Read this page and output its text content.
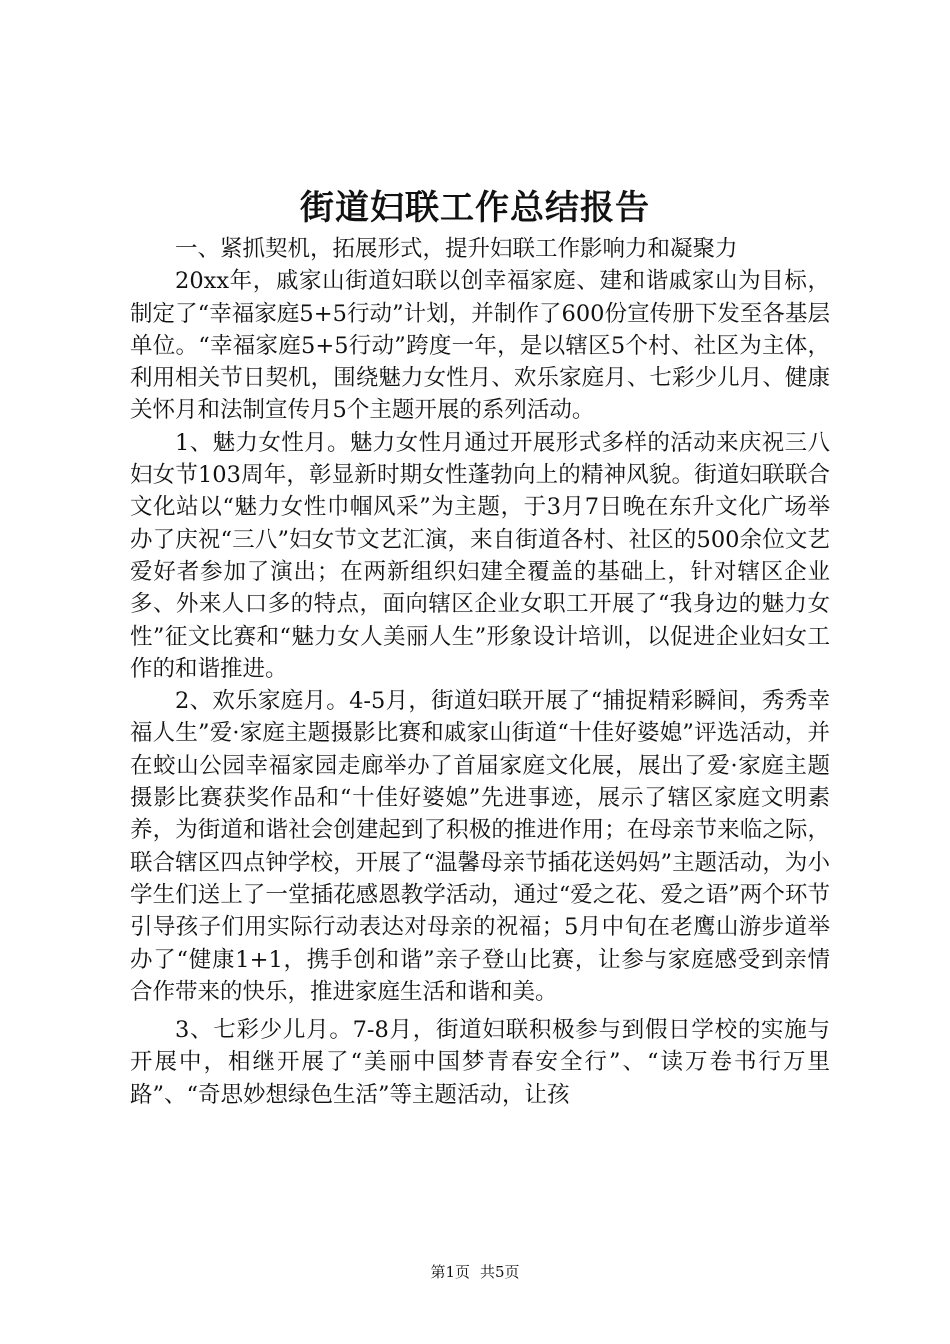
街道妇联工作总结报告

一、紧抓契机，拓展形式，提升妇联工作影响力和凝聚力

20xx年，戚家山街道妇联以创幸福家庭、建和谐戚家山为目标，制定了“幸福家庭5+5行动”计划，并制作了600份宣传册下发至各基层单位。“幸福家庭5+5行动”跨度一年，是以辖区5个村、社区为主体，利用相关节日契机，围绕魅力女性月、欢乐家庭月、七彩少儿月、健康关怀月和法制宣传月5个主题开展的系列活动。

1、魅力女性月。魅力女性月通过开展形式多样的活动来庆祝三八妇女节103周年，彰显新时期女性蓬勃向上的精神风貌。街道妇联联合文化站以“魅力女性巾帼风采”为主题，于3月7日晚在东升文化广场举办了庆祝“三八”妇女节文艺汇演，来自街道各村、社区的500余位文艺爱好者参加了演出；在两新组织妇建全覆盖的基础上，针对辖区企业多、外来人口多的特点，面向辖区企业女职工开展了“我身边的魅力女性”征文比赛和“魅力女人美丽人生”形象设计培训，以促进企业妇女工作的和谐推进。

2、欢乐家庭月。4-5月，街道妇联开展了“捕捉精彩瞬间，秀秀幸福人生”爱·家庭主题摄影比赛和戚家山街道“十佳好婆媳”评选活动，并在蛟山公园幸福家园走廊举办了首届家庭文化展，展出了爱·家庭主题摄影比赛获奖作品和“十佳好婆媳”先进事迹，展示了辖区家庭文明素养，为街道和谐社会创建起到了积极的推进作用；在母亲节来临之际，联合辖区四点钟学校，开展了“温馨母亲节插花送妈妈”主题活动，为小学生们送上了一堂插花感恩教学活动，通过“爱之花、爱之语”两个环节引导孩子们用实际行动表达对母亲的祝福；5月中旬在老鹰山游步道举办了“健康1+1，携手创和谐”亲子登山比赛，让参与家庭感受到亲情合作带来的快乐，推进家庭生活和谐和美。

3、七彩少儿月。7-8月，街道妇联积极参与到假日学校的实施与开展中，相继开展了“美丽中国梦青春安全行”、“读万卷书行万里路”、“奇思妙想绿色生活”等主题活动，让孩

第1页 共5页
